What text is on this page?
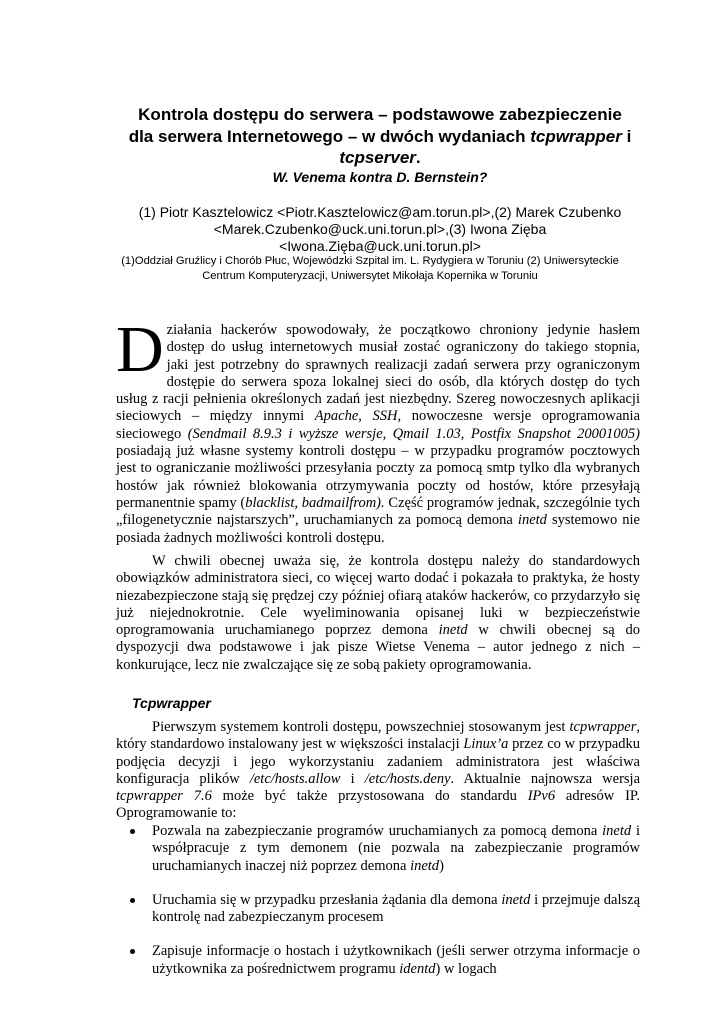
Kontrola dostępu do serwera – podstawowe zabezpieczenie
dla serwera Internetowego – w dwóch wydaniach tcpwrapper i
tcpserver.
W. Venema kontra D. Bernstein?
(1) Piotr Kasztelowicz <Piotr.Kasztelowicz@am.torun.pl>,(2) Marek Czubenko
<Marek.Czubenko@uck.uni.torun.pl>,(3) Iwona Zięba
<Iwona.Zięba@uck.uni.torun.pl>
(1)Oddział Gruźlicy i Chorób Płuc, Wojewódzki Szpital im. L. Rydygiera w Toruniu (2) Uniwersyteckie
Centrum Komputeryzacji, Uniwersytet Mikołaja Kopernika w Toruniu
Działania hackerów spowodowały, że początkowo chroniony jedynie hasłem dostęp do usług internetowych musiał zostać ograniczony do takiego stopnia, jaki jest potrzebny do sprawnych realizacji zadań serwera przy ograniczonym dostępie do serwera spoza lokalnej sieci do osób, dla których dostęp do tych usług z racji pełnienia określonych zadań jest niezbędny. Szereg nowoczesnych aplikacji sieciowych – między innymi Apache, SSH, nowoczesne wersje oprogramowania sieciowego (Sendmail 8.9.3 i wyższe wersje, Qmail 1.03, Postfix Snapshot 20001005) posiadają już własne systemy kontroli dostępu – w przypadku programów pocztowych jest to ograniczanie możliwości przesyłania poczty za pomocą smtp tylko dla wybranych hostów jak również blokowania otrzymywania poczty od hostów, które przesyłają permanentnie spamy (blacklist, badmailfrom). Część programów jednak, szczególnie tych „filogenetycznie najstarszych”, uruchamianych za pomocą demona inetd systemowo nie posiada żadnych możliwości kontroli dostępu.
W chwili obecnej uważa się, że kontrola dostępu należy do standardowych obowiązków administratora sieci, co więcej warto dodać i pokazała to praktyka, że hosty niezabezpieczone stają się prędzej czy później ofiarą ataków hackerów, co przydarzyło się już niejednokrotnie. Cele wyeliminowania opisanej luki w bezpieczeństwie oprogramowania uruchamianego poprzez demona inetd w chwili obecnej są do dyspozycji dwa podstawowe i jak pisze Wietse Venema – autor jednego z nich – konkurujące, lecz nie zwalczające się ze sobą pakiety oprogramowania.
Tcpwrapper
Pierwszym systemem kontroli dostępu, powszechniej stosowanym jest tcpwrapper, który standardowo instalowany jest w większości instalacji Linux’a przez co w przypadku podjęcia decyzji i jego wykorzystaniu zadaniem administratora jest właściwa konfiguracja plików /etc/hosts.allow i /etc/hosts.deny. Aktualnie najnowsza wersja tcpwrapper 7.6 może być także przystosowana do standardu IPv6 adresów IP. Oprogramowanie to:
Pozwala na zabezpieczanie programów uruchamianych za pomocą demona inetd i współpracuje z tym demonem (nie pozwala na zabezpieczanie programów uruchamianych inaczej niż poprzez demona inetd)
Uruchamia się w przypadku przesłania żądania dla demona inetd i przejmuje dalszą kontrolę nad zabezpieczanym procesem
Zapisuje informacje o hostach i użytkownikach (jeśli serwer otrzyma informacje o użytkownika za pośrednictwem programu identd) w logach
